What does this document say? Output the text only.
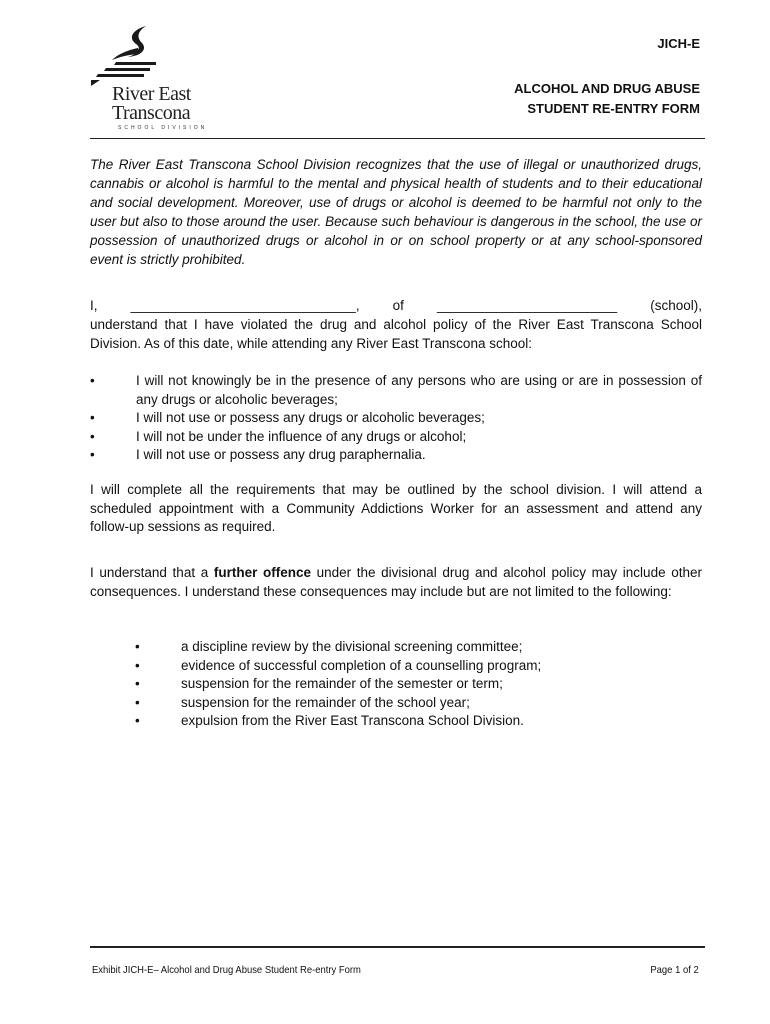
River East
Transcona
SCHOOL DIVISION
JICH-E
ALCOHOL AND DRUG ABUSE
STUDENT RE-ENTRY FORM

The River East Transcona School Division recognizes that the use of illegal or unauthorized drugs, cannabis or alcohol is harmful to the mental and physical health of students and to their educational and social development. Moreover, use of drugs or alcohol is deemed to be harmful not only to the user but also to those around the user. Because such behaviour is dangerous in the school, the use or possession of unauthorized drugs or alcohol in or on school property or at any school-sponsored event is strictly prohibited.

I, ______________________________, of ________________________ (school),

understand that I have violated the drug and alcohol policy of the River East Transcona School Division. As of this date, while attending any River East Transcona school:

•	I will not knowingly be in the presence of any persons who are using or are in possession of any drugs or alcoholic beverages;
•	I will not use or possess any drugs or alcoholic beverages;
•	I will not be under the influence of any drugs or alcohol;
•	I will not use or possess any drug paraphernalia.

I will complete all the requirements that may be outlined by the school division. I will attend a scheduled appointment with a Community Addictions Worker for an assessment and attend any follow-up sessions as required.

I understand that a further offence under the divisional drug and alcohol policy may include other consequences. I understand these consequences may include but are not limited to the following:

•	a discipline review by the divisional screening committee;
•	evidence of successful completion of a counselling program;
•	suspension for the remainder of the semester or term;
•	suspension for the remainder of the school year;
•	expulsion from the River East Transcona School Division.
Exhibit JICH-E– Alcohol and Drug Abuse Student Re-entry Form	Page 1 of 2
